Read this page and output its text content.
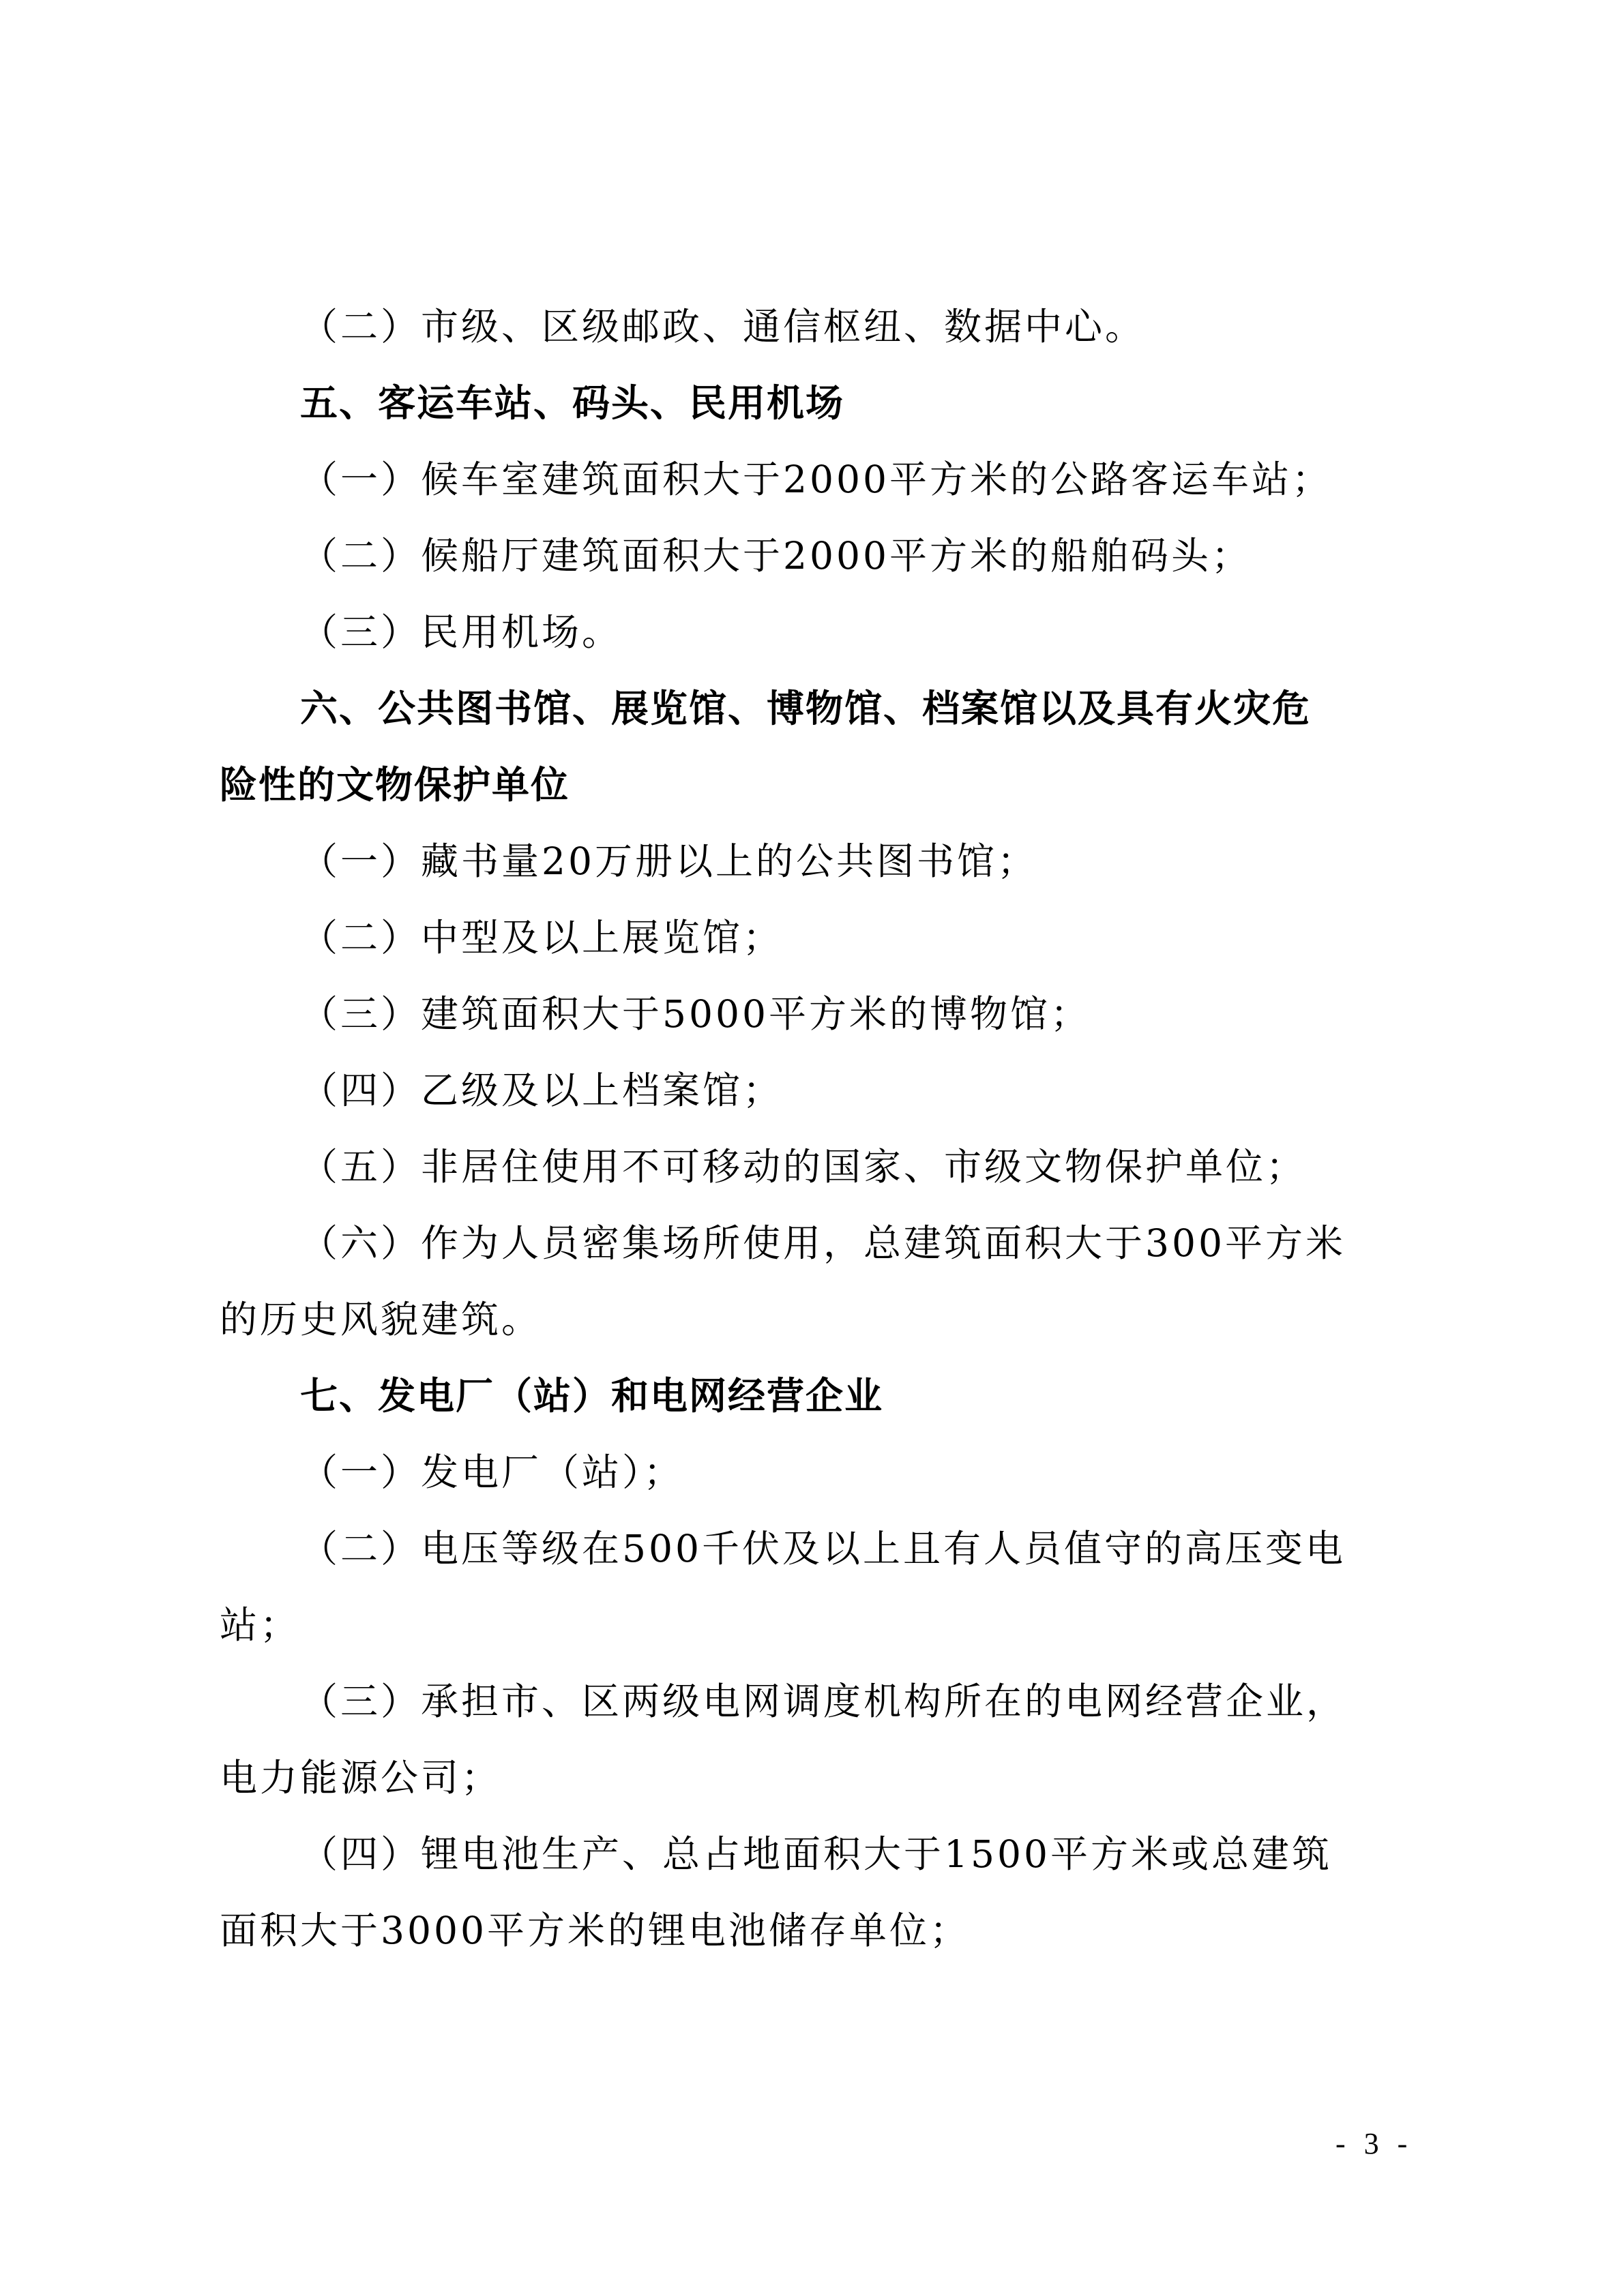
（二）市级、区级邮政、通信枢纽、数据中心。
五、客运车站、码头、民用机场
（一）候车室建筑面积大于2000平方米的公路客运车站；
（二）候船厅建筑面积大于2000平方米的船舶码头；
（三）民用机场。
六、公共图书馆、展览馆、博物馆、档案馆以及具有火灾危
险性的文物保护单位
（一）藏书量20万册以上的公共图书馆；
（二）中型及以上展览馆；
（三）建筑面积大于5000平方米的博物馆；
（四）乙级及以上档案馆；
（五）非居住使用不可移动的国家、市级文物保护单位；
（六）作为人员密集场所使用，总建筑面积大于300平方米
的历史风貌建筑。
七、发电厂（站）和电网经营企业
（一）发电厂（站）；
（二）电压等级在500千伏及以上且有人员值守的高压变电
站；
（三）承担市、区两级电网调度机构所在的电网经营企业，
电力能源公司；
（四）锂电池生产、总占地面积大于1500平方米或总建筑
面积大于3000平方米的锂电池储存单位；
- 3 -
